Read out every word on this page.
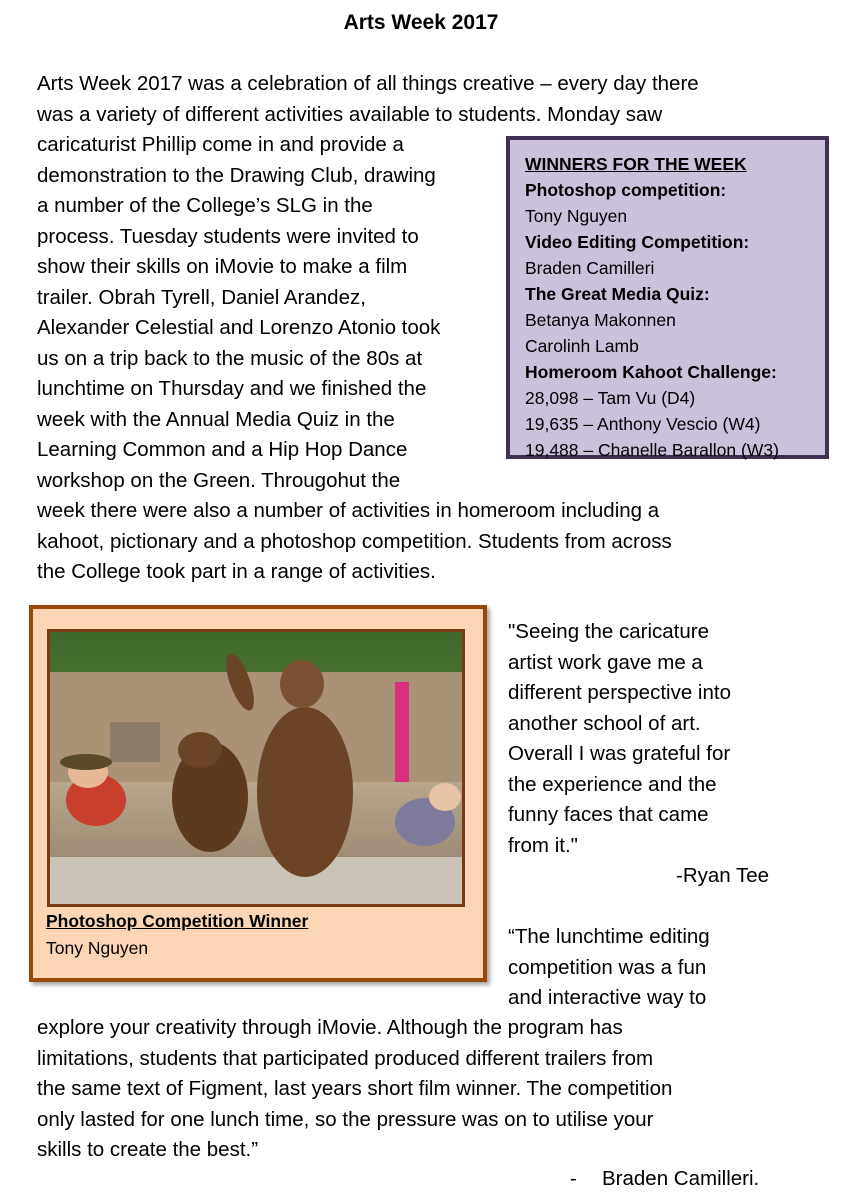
Arts Week 2017
Arts Week 2017 was a celebration of all things creative – every day there
was a variety of different activities available to students. Monday saw
caricaturist Phillip come in and provide a
demonstration to the Drawing Club, drawing
a number of the College’s SLG in the
process. Tuesday students were invited to
show their skills on iMovie to make a film
trailer. Obrah Tyrell, Daniel Arandez,
Alexander Celestial and Lorenzo Atonio took
us on a trip back to the music of the 80s at
lunchtime on Thursday and we finished the
week with the Annual Media Quiz in the
Learning Common and a Hip Hop Dance
workshop on the Green. Througohut the
week there were also a number of activities in homeroom including a
kahoot, pictionary and a photoshop competition. Students from across
the College took part in a range of activities.
WINNERS FOR THE WEEK
Photoshop competition:
Tony Nguyen
Video Editing Competition:
Braden Camilleri
The Great Media Quiz:
Betanya Makonnen
Carolinh Lamb
Homeroom Kahoot Challenge:
28,098 – Tam Vu (D4)
19,635 – Anthony Vescio (W4)
19,488 – Chanelle Barallon (W3)
Photoshop Competition Winner
Tony Nguyen
"Seeing the caricature
artist work gave me a
different perspective into
another school of art.
Overall I was grateful for
the experience and the
funny faces that came
from it."
-Ryan Tee
“The lunchtime editing
competition was a fun
and interactive way to
explore your creativity through iMovie. Although the program has
limitations, students that participated produced different trailers from
the same text of Figment, last years short film winner. The competition
only lasted for one lunch time, so the pressure was on to utilise your
skills to create the best.”
- Braden Camilleri.
